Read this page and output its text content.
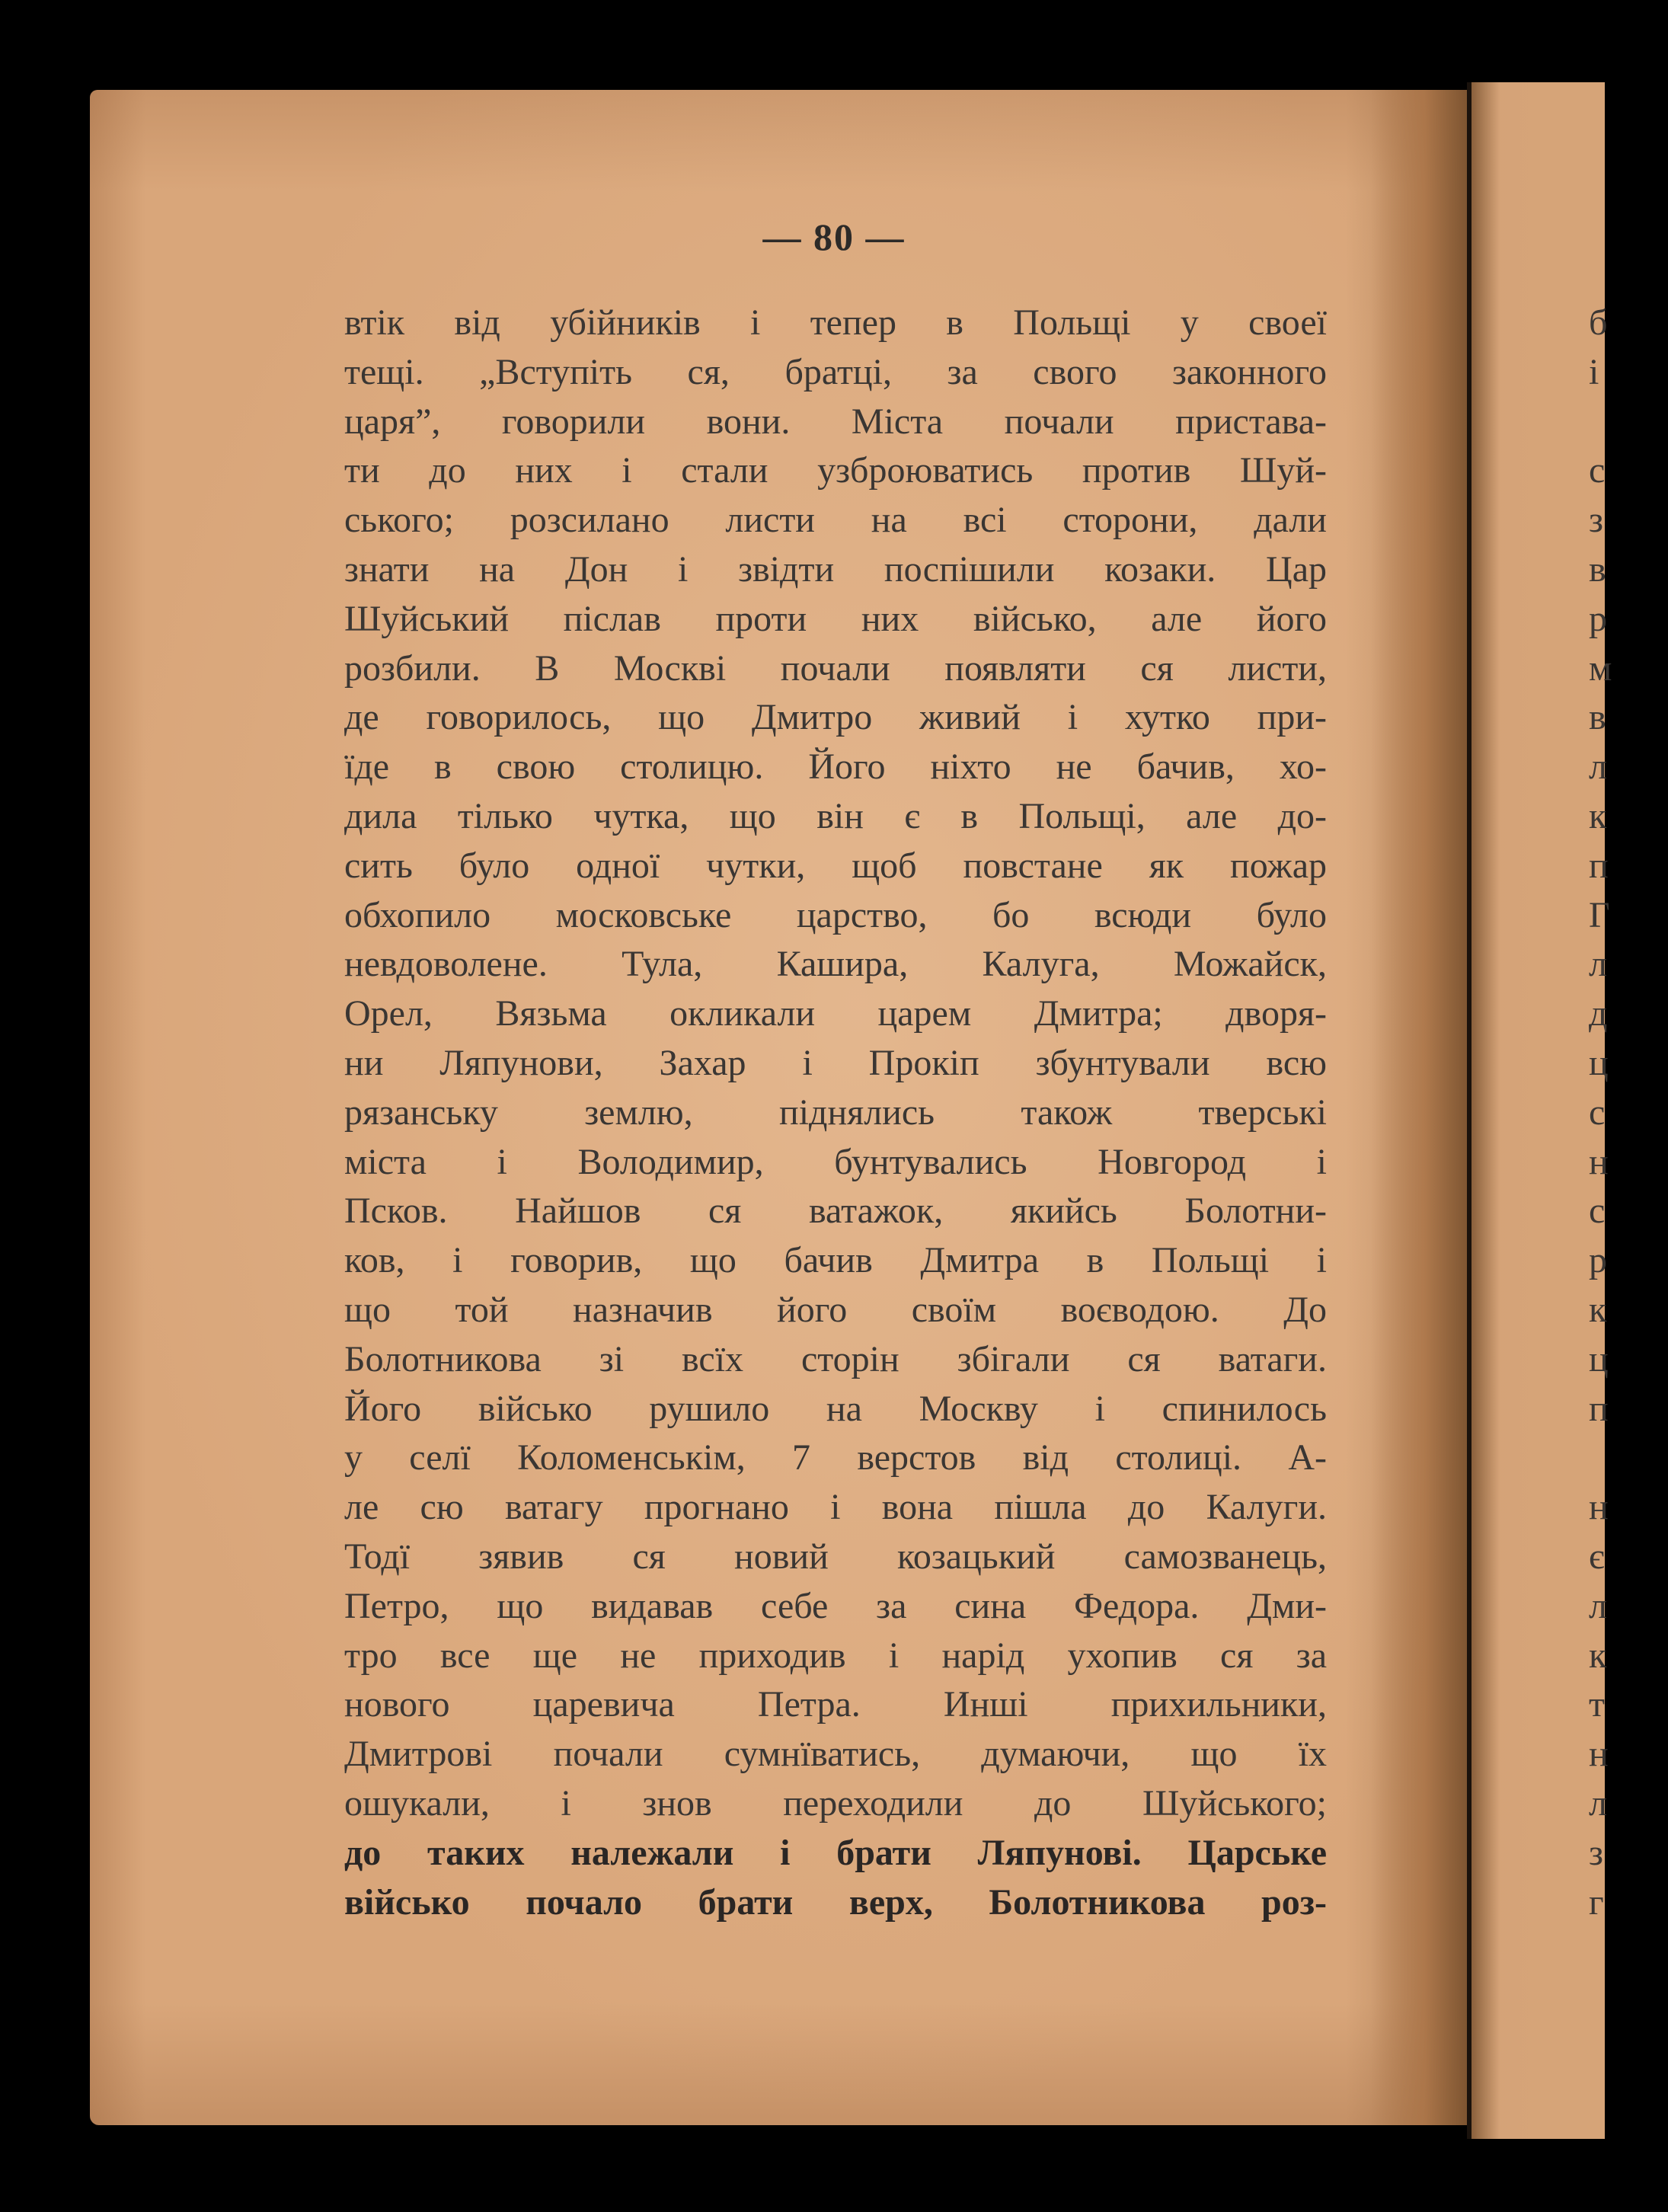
— 80 —
втік від убійників і тепер в Польщі у своеї
тещі. „Вступіть ся, братці, за свого законного
царя”, говорили вони. Міста почали пристава-
ти до них і стали узброюватись против Шуй-
ського; розсилано листи на всі сторони, дали
знати на Дон і звідти поспішили козаки. Цар
Шуйський післав проти них військо, але його
розбили. В Москві почали появляти ся листи,
де говорилось, що Дмитро живий і хутко при-
їде в свою столицю. Його ніхто не бачив, хо-
дила тілько чутка, що він є в Польщі, але до-
сить було одної чутки, щоб повстане як пожар
обхопило московське царство, бо всюди було
невдоволене. Тула, Кашира, Калуга, Можайск,
Орел, Вязьма окликали царем Дмитра; дворя-
ни Ляпунови, Захар і Прокіп збунтували всю
рязанську землю, піднялись також тверські
міста і Володимир, бунтувались Новгород і
Псков. Найшов ся ватажок, якийсь Болотни-
ков, і говорив, що бачив Дмитра в Польщі і
що той назначив його своїм воєводою. До
Болотникова зі всїх сторін збігали ся ватаги.
Його військо рушило на Москву і спинилось
у селї Коломенськім, 7 верстов від столиці. А-
ле сю ватагу прогнано і вона пішла до Калуги.
Тодї зявив ся новий козацький самозванець,
Петро, що видавав себе за сина Федора. Дми-
тро все ще не приходив і нарід ухопив ся за
нового царевича Петра. Инші прихильники,
Дмитрові почали сумнїватись, думаючи, що їх
ошукали, і знов переходили до Шуйського;
до таких належали і брати Ляпунові. Царське
військо почало брати верх, Болотникова роз-
б
і
с
з
в
р
м
в
л
к
п
Г
л
д
ц
с
н
с
р
к
ц
п
н
є
л
к
т
н
л
з
г
